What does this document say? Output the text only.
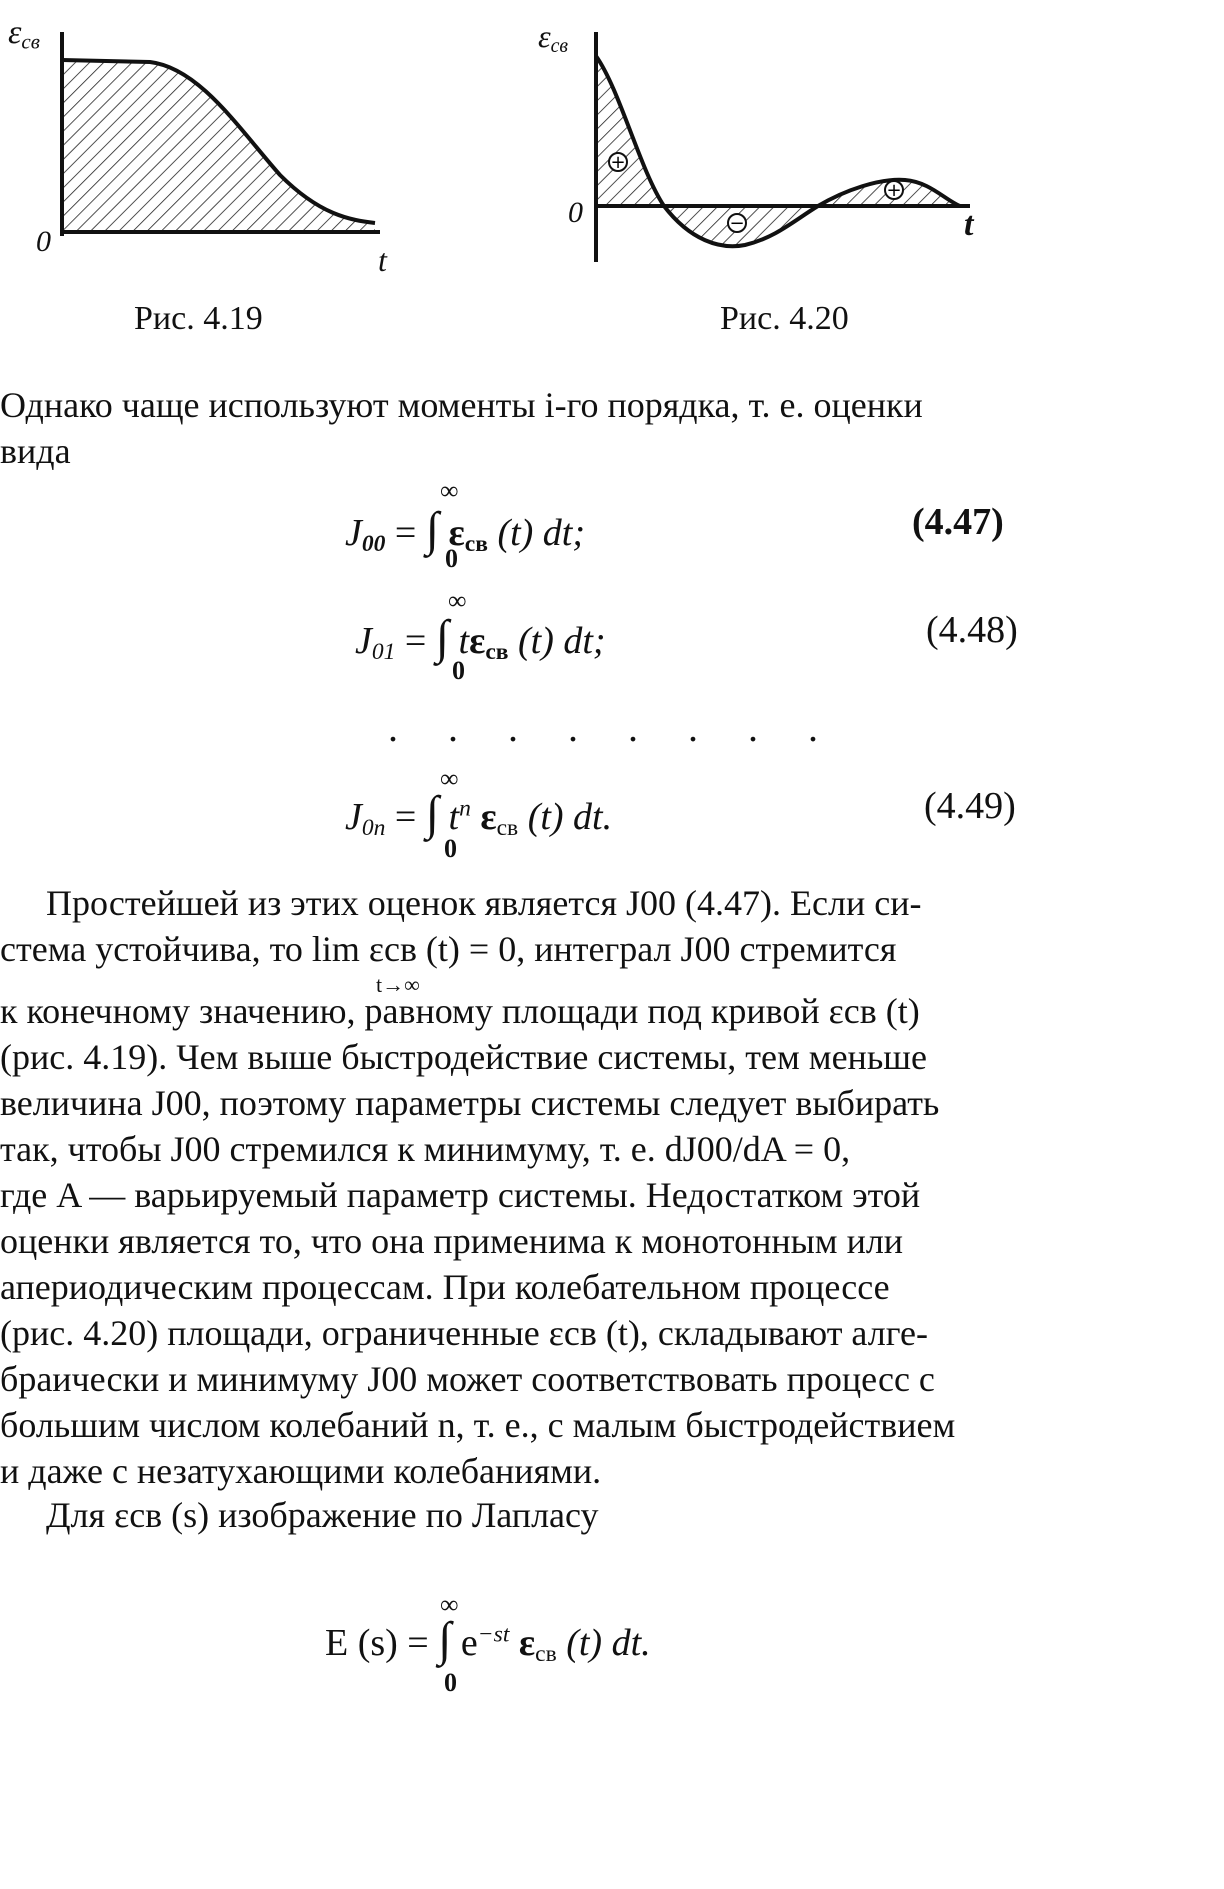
$\varepsilon_{св}$
0
t
Рис. 4.19
+
−
+
$\varepsilon_{св}$
0	t
Рис. 4.20
Однако чаще используют моменты i-го порядка, т. е. оценки
вида
$J_{00}$ = ∫ $\varepsilon_{св}$ (t) dt;
∞
0
(4.47)
$J_{01}$ = ∫ $t\varepsilon_{св}$ (t) dt;
∞
0
(4.48)
. . . . . . . .
$J_{0n}$ = ∫ $t^n$ $\varepsilon_{св}$ (t) dt.
∞
0
(4.49)
Простейшей из этих оценок является J00 (4.47). Если си-
стема устойчива, то lim εсв (t) = 0, интеграл J00 стремится
t→∞
к конечному значению, равному площади под кривой εсв (t)
(рис. 4.19). Чем выше быстродействие системы, тем меньше
величина J00, поэтому параметры системы следует выбирать
так, чтобы J00 стремился к минимуму, т. е. dJ00/dA = 0,
где A — варьируемый параметр системы. Недостатком этой
оценки является то, что она применима к монотонным или
апериодическим процессам. При колебательном процессе
(рис. 4.20) площади, ограниченные εсв (t), складывают алге-
браически и минимуму J00 может соответствовать процесс с
большим числом колебаний n, т. е., с малым быстродействием
и даже с незатухающими колебаниями.
Для εсв (s) изображение по Лапласу
E (s) = ∫ $e^{-st}$ $\varepsilon_{св}$ (t) dt.
∞
0
